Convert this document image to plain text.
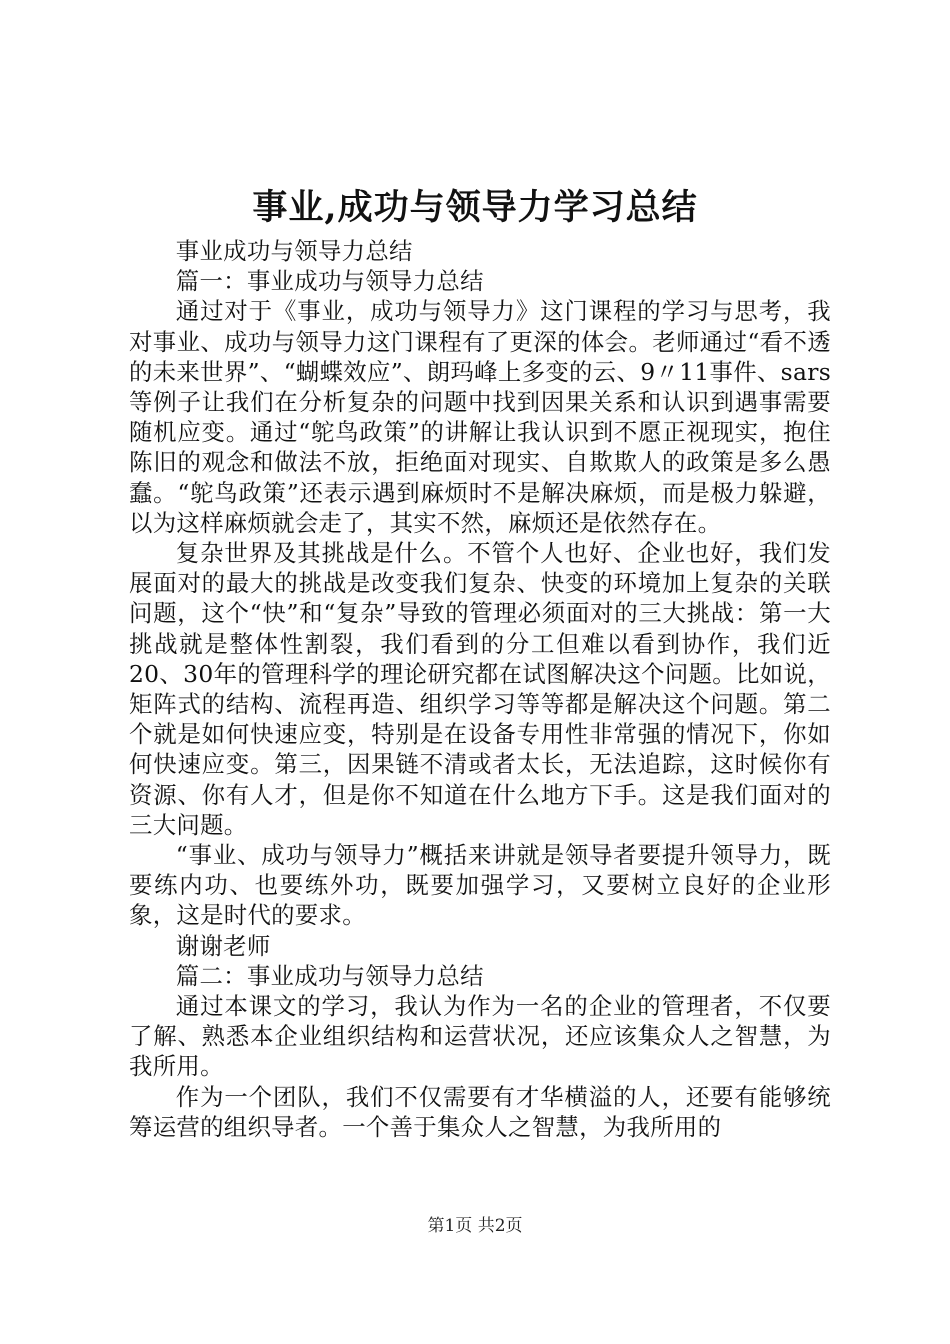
事业,成功与领导力学习总结

事业成功与领导力总结

篇一：事业成功与领导力总结

通过对于《事业，成功与领导力》这门课程的学习与思考，我对事业、成功与领导力这门课程有了更深的体会。老师通过“看不透的未来世界”、“蝴蝶效应”、朗玛峰上多变的云、9〃11事件、sars等例子让我们在分析复杂的问题中找到因果关系和认识到遇事需要随机应变。通过“鸵鸟政策”的讲解让我认识到不愿正视现实，抱住陈旧的观念和做法不放，拒绝面对现实、自欺欺人的政策是多么愚蠢。“鸵鸟政策”还表示遇到麻烦时不是解决麻烦，而是极力躲避，以为这样麻烦就会走了，其实不然，麻烦还是依然存在。

复杂世界及其挑战是什么。不管个人也好、企业也好，我们发展面对的最大的挑战是改变我们复杂、快变的环境加上复杂的关联问题，这个“快”和“复杂”导致的管理必须面对的三大挑战：第一大挑战就是整体性割裂，我们看到的分工但难以看到协作，我们近20、30年的管理科学的理论研究都在试图解决这个问题。比如说，矩阵式的结构、流程再造、组织学习等等都是解决这个问题。第二个就是如何快速应变，特别是在设备专用性非常强的情况下，你如何快速应变。第三，因果链不清或者太长，无法追踪，这时候你有资源、你有人才，但是你不知道在什么地方下手。这是我们面对的三大问题。

“事业、成功与领导力”概括来讲就是领导者要提升领导力，既要练内功、也要练外功，既要加强学习，又要树立良好的企业形象，这是时代的要求。

谢谢老师

篇二：事业成功与领导力总结

通过本课文的学习，我认为作为一名的企业的管理者，不仅要了解、熟悉本企业组织结构和运营状况，还应该集众人之智慧，为我所用。

作为一个团队，我们不仅需要有才华横溢的人，还要有能够统筹运营的组织导者。一个善于集众人之智慧，为我所用的

第1页 共2页
